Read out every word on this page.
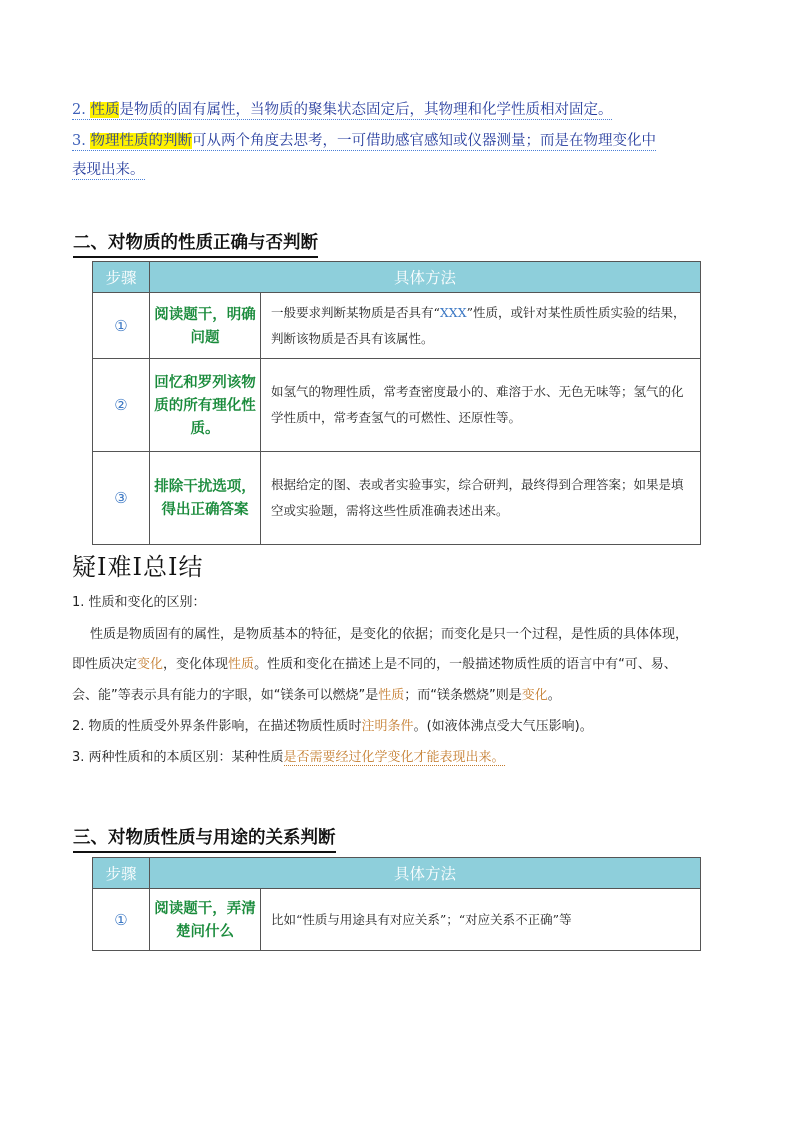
2. 性质是物质的固有属性，当物质的聚集状态固定后，其物理和化学性质相对固定。
3. 物理性质的判断可从两个角度去思考，一可借助感官感知或仪器测量；而是在物理变化中
表现出来。
二、对物质的性质正确与否判断
步骤	具体方法	
①	阅读题干，明确问题	一般要求判断某物质是否具有“XXX”性质，或针对某性质性质实验的结果，判断该物质是否具有该属性。
②	回忆和罗列该物质的所有理化性质。	如氢气的物理性质，常考查密度最小的、难溶于水、无色无味等；氢气的化学性质中，常考查氢气的可燃性、还原性等。
③	排除干扰选项，得出正确答案	根据给定的图、表或者实验事实，综合研判，最终得到合理答案；如果是填空或实验题，需将这些性质准确表述出来。
疑I难I总I结
1. 性质和变化的区别：
性质是物质固有的属性，是物质基本的特征，是变化的依据；而变化是只一个过程，是性质的具体体现，
即性质决定变化，变化体现性质。性质和变化在描述上是不同的，一般描述物质性质的语言中有“可、易、
会、能”等表示具有能力的字眼，如“镁条可以燃烧”是性质；而“镁条燃烧”则是变化。
2. 物质的性质受外界条件影响，在描述物质性质时注明条件。(如液体沸点受大气压影响)。
3. 两种性质和的本质区别：某种性质是否需要经过化学变化才能表现出来。
三、对物质性质与用途的关系判断
步骤	具体方法	
①	阅读题干，弄清楚问什么	比如“性质与用途具有对应关系”；“对应关系不正确”等
